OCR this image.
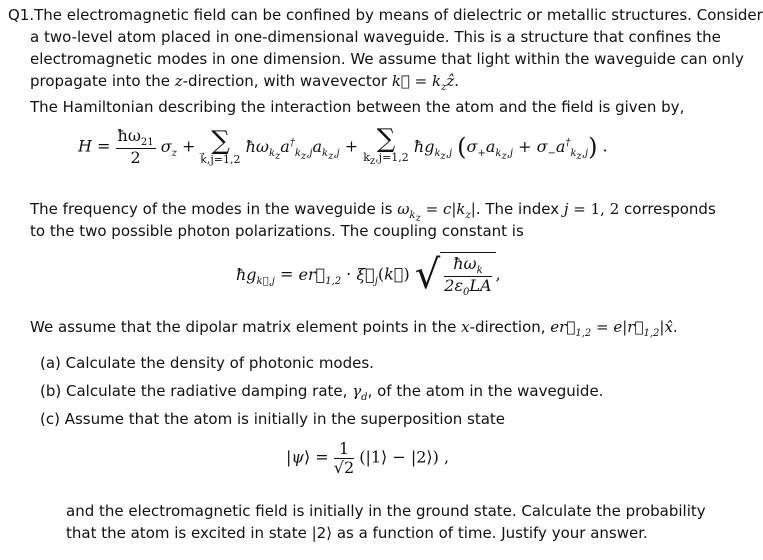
Q1.The electromagnetic field can be confined by means of dielectric or metallic structures. Consider
a two-level atom placed in one-dimensional waveguide. This is a structure that confines the
electromagnetic modes in one dimension. We assume that light within the waveguide can only
propagate into the z-direction, with wavevector k⃗ = $k_zẑ$.
The Hamiltonian describing the interaction between the atom and the field is given by,
$H = \frac{ħ\omega_{21}}{2} \sigma_z$ + ∑
k⃗,j=1,2
$ħ\omega_{k_z}a^\dagger_{k_z,j}a_{k_z,j}$ + ∑
$k_z,j=1,2$
$ħg_{k_z,j}$ $(\sigma_+a_{k_z,j} + \sigma_-a^\dagger_{k_z,j})$ .
The frequency of the modes in the waveguide is $\omega_{k_z} = c|k_z|$. The index j = 1, 2 corresponds
to the two possible photon polarizations. The coupling constant is
$ħg_{k⃗,j}$ = $er⃗_{1,2}$ · $\xi⃗_j(k⃗)$ √ $\frac{ħ\omega_k}{2\varepsilon_0LA}$ ,
We assume that the dipolar matrix element points in the x-direction, $er⃗_{1,2}$ = $e|r⃗_{1,2}|x̂$.
(a) Calculate the density of photonic modes.
(b) Calculate the radiative damping rate, $\gamma_d$, of the atom in the waveguide.
(c) Assume that the atom is initially in the superposition state
|ψ⟩ = $\frac{1}{√2}$ (|1⟩ − |2⟩) ,
and the electromagnetic field is initially in the ground state. Calculate the probability
that the atom is excited in state |2⟩ as a function of time. Justify your answer.
